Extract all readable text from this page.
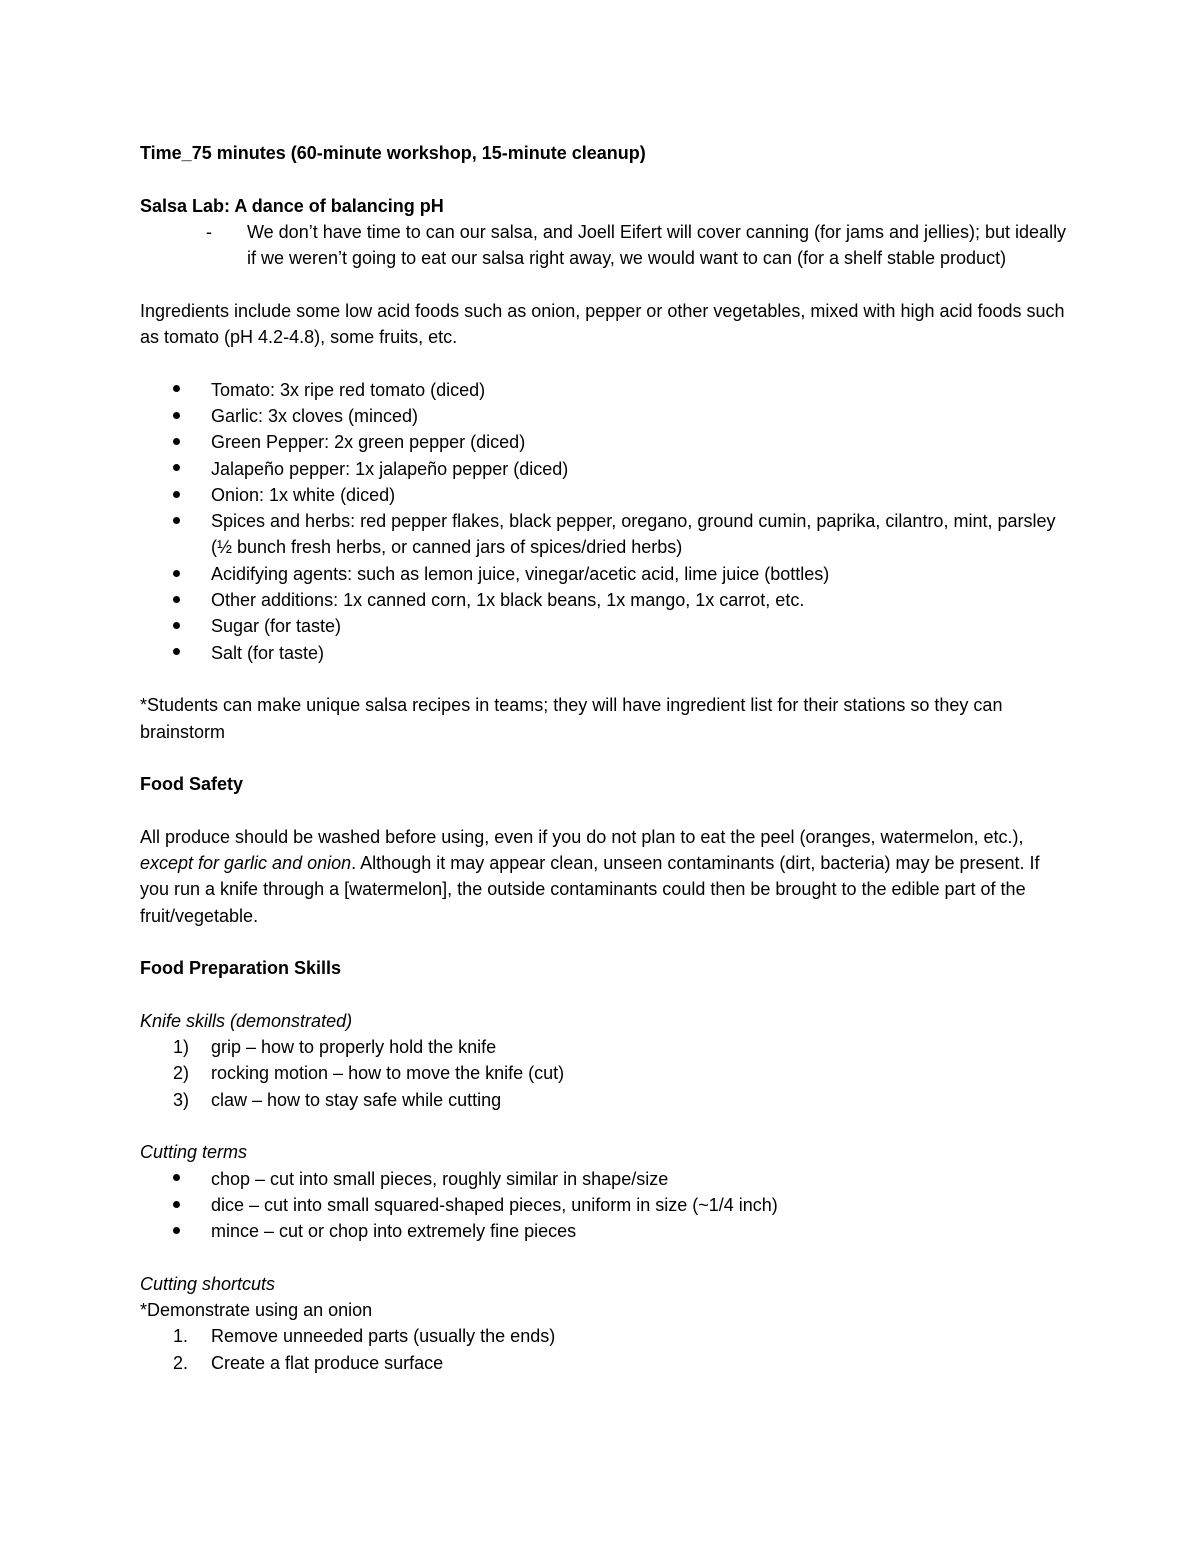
Time_75 minutes (60-minute workshop, 15-minute cleanup)

Salsa Lab: A dance of balancing pH

- We don’t have time to can our salsa, and Joell Eifert will cover canning (for jams and jellies); but ideally if we weren’t going to eat our salsa right away, we would want to can (for a shelf stable product)

Ingredients include some low acid foods such as onion, pepper or other vegetables, mixed with high acid foods such as tomato (pH 4.2-4.8), some fruits, etc.

Tomato: 3x ripe red tomato (diced)
Garlic: 3x cloves (minced)
Green Pepper: 2x green pepper (diced)
Jalapeño pepper: 1x jalapeño pepper (diced)
Onion: 1x white (diced)
Spices and herbs: red pepper flakes, black pepper, oregano, ground cumin, paprika, cilantro, mint, parsley (½ bunch fresh herbs, or canned jars of spices/dried herbs)
Acidifying agents: such as lemon juice, vinegar/acetic acid, lime juice (bottles)
Other additions: 1x canned corn, 1x black beans, 1x mango, 1x carrot, etc.
Sugar (for taste)
Salt (for taste)

*Students can make unique salsa recipes in teams; they will have ingredient list for their stations so they can brainstorm

Food Safety

All produce should be washed before using, even if you do not plan to eat the peel (oranges, watermelon, etc.), except for garlic and onion. Although it may appear clean, unseen contaminants (dirt, bacteria) may be present. If you run a knife through a [watermelon], the outside contaminants could then be brought to the edible part of the fruit/vegetable.

Food Preparation Skills

Knife skills (demonstrated)

1) grip – how to properly hold the knife
2) rocking motion – how to move the knife (cut)
3) claw – how to stay safe while cutting

Cutting terms

chop – cut into small pieces, roughly similar in shape/size
dice – cut into small squared-shaped pieces, uniform in size (~1/4 inch)
mince – cut or chop into extremely fine pieces

Cutting shortcuts

*Demonstrate using an onion

1. Remove unneeded parts (usually the ends)
2. Create a flat produce surface
